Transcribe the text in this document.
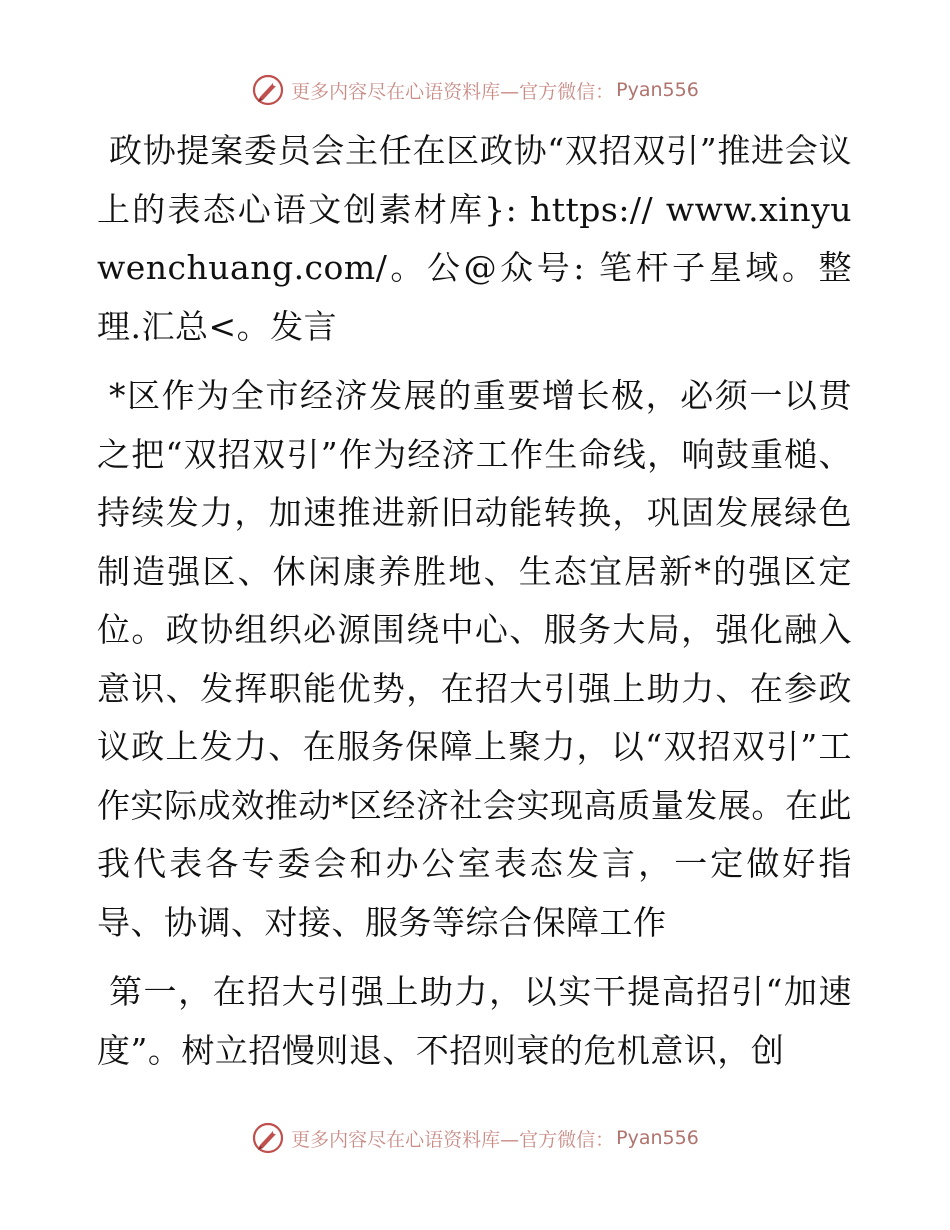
更多内容尽在心语资料库—官方微信： Pyan556

政协提案委员会主任在区政协“双招双引”推进会议上的表态心语文创素材库}: https:// www.xinyuwenchuang.com/。公@众号: 笔杆子星域。整理.汇总<。发言

*区作为全市经济发展的重要增长极，必须一以贯之把“双招双引”作为经济工作生命线，响鼓重槌、持续发力，加速推进新旧动能转换，巩固发展绿色制造强区、休闲康养胜地、生态宜居新*的强区定位。政协组织必源围绕中心、服务大局，强化融入意识、发挥职能优势，在招大引强上助力、在参政议政上发力、在服务保障上聚力，以“双招双引”工作实际成效推动*区经济社会实现高质量发展。在此我代表各专委会和办公室表态发言，一定做好指导、协调、对接、服务等综合保障工作

第一，在招大引强上助力，以实干提高招引“加速度”。树立招慢则退、不招则衰的危机意识，创

更多内容尽在心语资料库—官方微信： Pyan556
